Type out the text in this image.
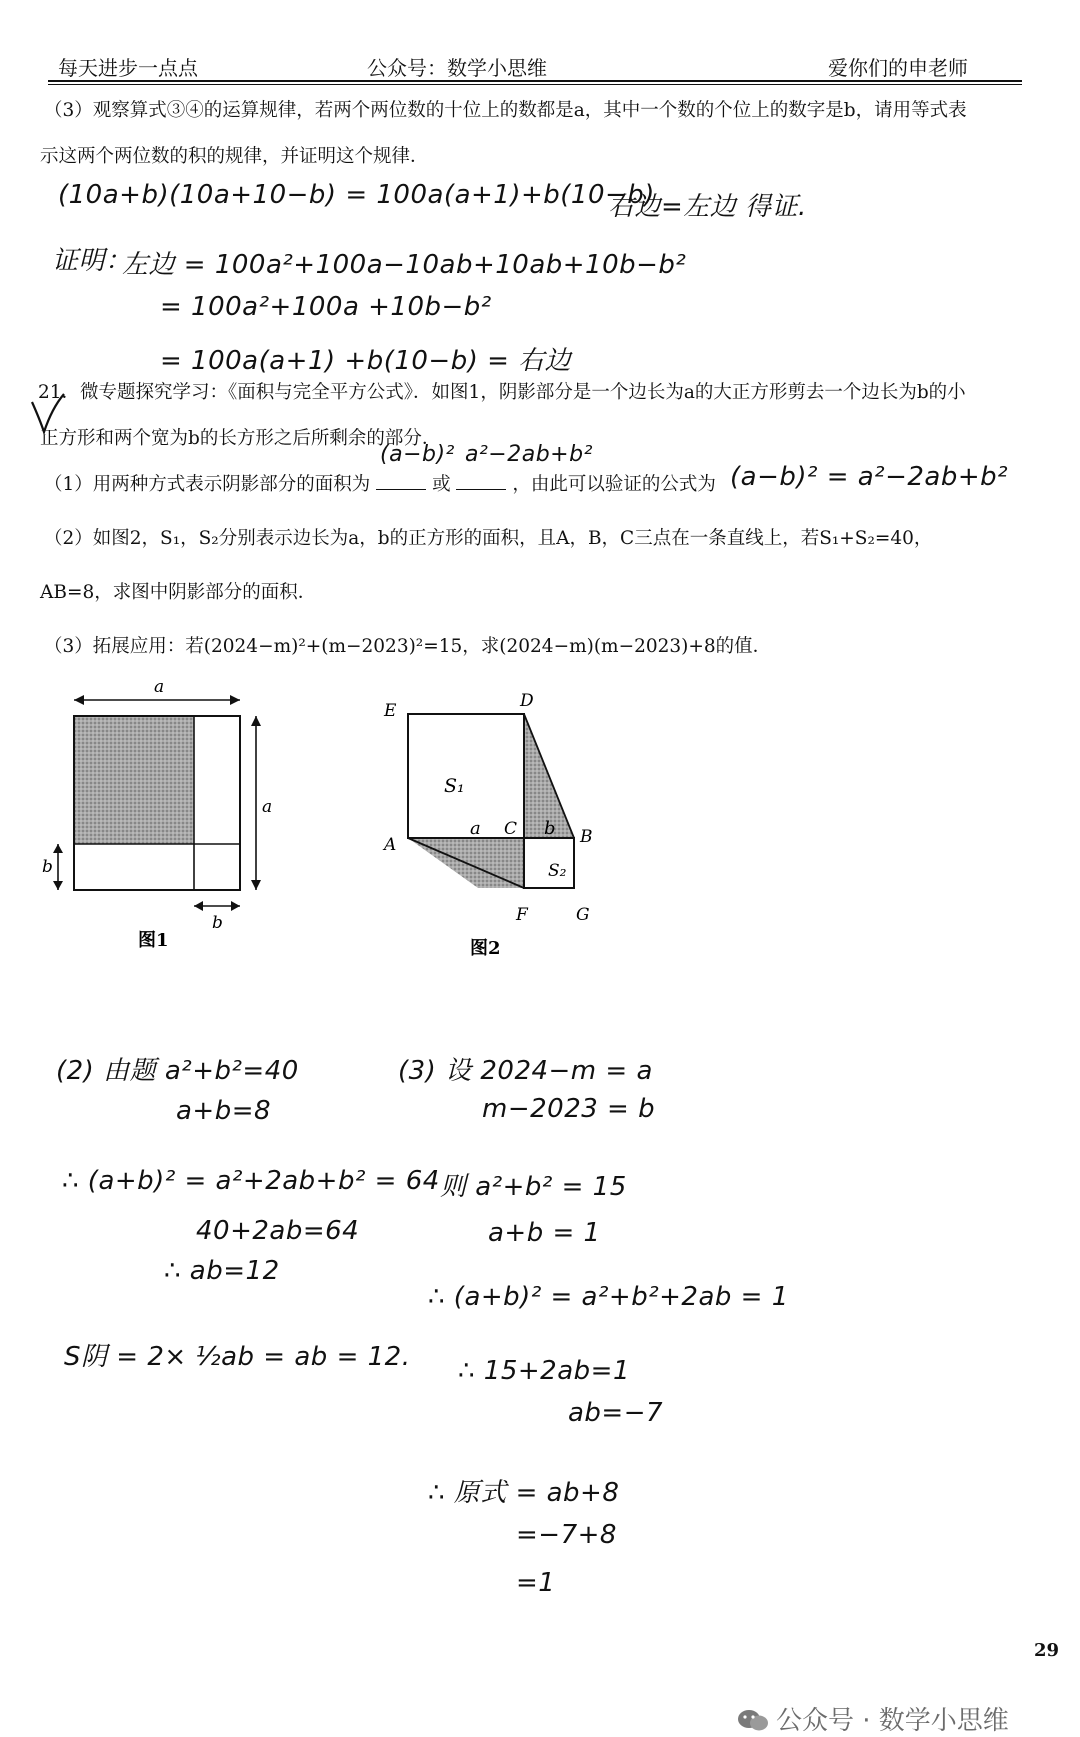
每天进步一点点	公众号：数学小思维	爱你们的申老师
（3）观察算式③④的运算规律，若两个两位数的十位上的数都是a，其中一个数的个位上的数字是b，请用等式表
示这两个两位数的积的规律，并证明这个规律．
(10a+b)(10a+10−b) = 100a(a+1)+b(10−b)
右边=左边 得证.
证明：
左边 = 100a²+100a−10ab+10ab+10b−b²
= 100a²+100a +10b−b²
= 100a(a+1) +b(10−b) = 右边
21．微专题探究学习：《面积与完全平方公式》．如图1，阴影部分是一个边长为a的大正方形剪去一个边长为b的小
正方形和两个宽为b的长方形之后所剩余的部分．
(a−b)² a²−2ab+b²
（1）用两种方式表示阴影部分的面积为	或	，由此可以验证的公式为 (a−b)² = a²−2ab+b²
（2）如图2，S₁，S₂分别表示边长为a，b的正方形的面积，且A，B，C三点在一条直线上，若S₁+S₂=40，
AB=8，求图中阴影部分的面积．
（3）拓展应用：若(2024−m)²+(m−2023)²=15，求(2024−m)(m−2023)+8的值．
a
a
b
b
图1
E	D
A	B
C
F	G
S₁
S₂
a	b
图2
(2) 由题 a²+b²=40
a+b=8
∴ (a+b)² = a²+2ab+b² = 64
40+2ab=64
∴ ab=12
S阴 = 2× ½ab = ab = 12.
(3) 设 2024−m = a
m−2023 = b
则 a²+b² = 15
a+b = 1
∴ (a+b)² = a²+b²+2ab = 1
∴ 15+2ab=1
ab=−7
∴ 原式 = ab+8
=−7+8
=1
29
公众号 · 数学小思维
